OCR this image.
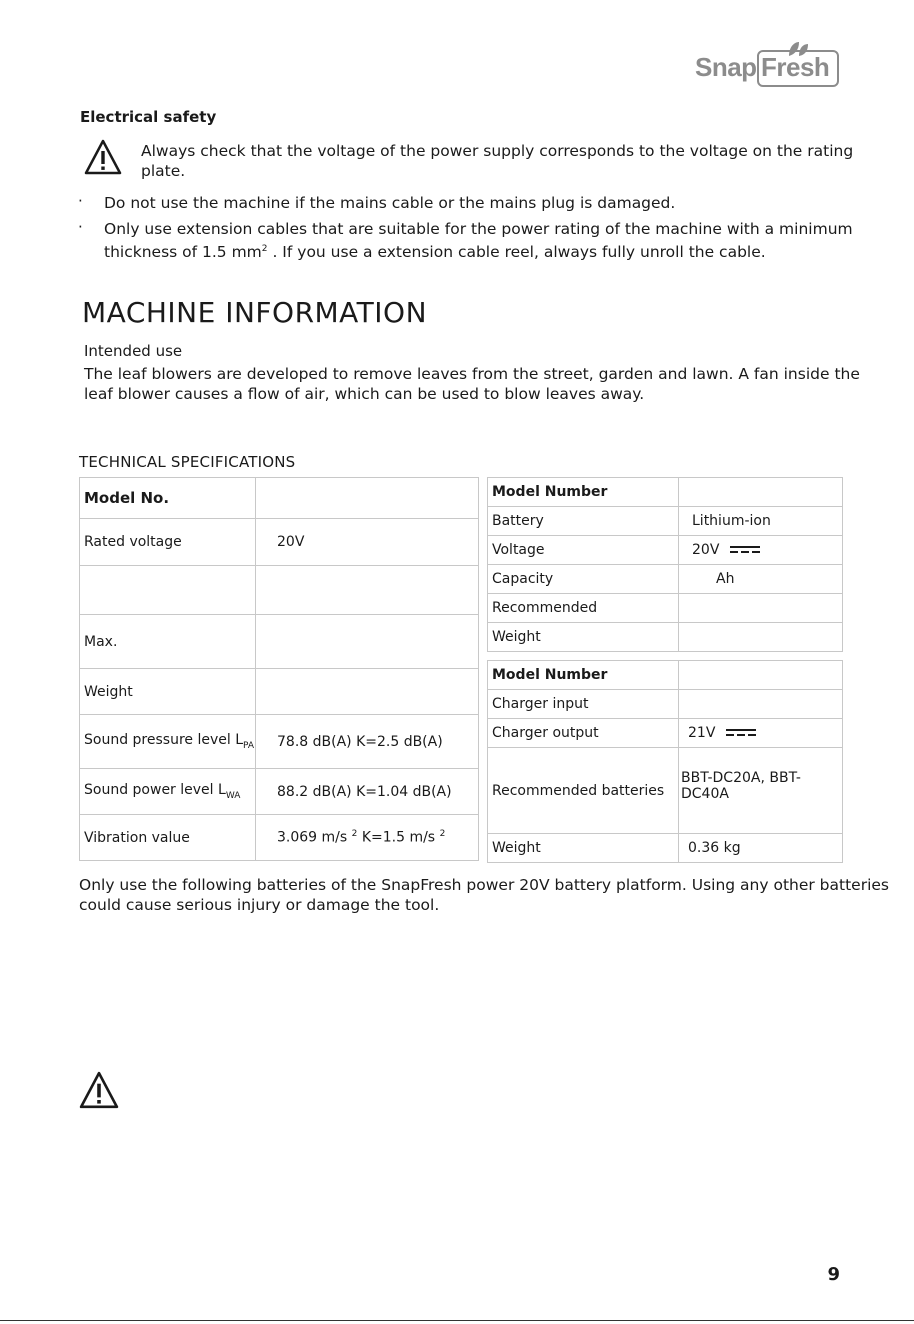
Snap Fresh
Electrical safety
Always check that the voltage of the power supply corresponds to the voltage on the rating
plate.
· Do not use the machine if the mains cable or the mains plug is damaged.
· Only use extension cables that are suitable for the power rating of the machine with a minimum
thickness of 1.5 $mm^2$ . If you use a extension cable reel, always fully unroll the cable.
MACHINE INFORMATION
Intended use
The leaf blowers are developed to remove leaves from the street, garden and lawn. A fan inside the
leaf blower causes a flow of air, which can be used to blow leaves away.
TECHNICAL SPECIFICATIONS
Model No.	
Rated voltage	20V

Max.	
Weight	
Sound pressure level $L_{PA}$	78.8 dB(A) K=2.5 dB(A)
Sound power level $L_{WA}$	88.2 dB(A) K=1.04 dB(A)
Vibration value	3.069 m/s $^2$ K=1.5 m/s $^2$
Model Number	
Battery	Lithium-ion
Voltage	20V
Capacity	Ah
Recommended	
Weight	
Model Number	
Charger input	
Charger output	21V
Recommended batteries	BBT-DC20A, BBT-DC40A
Weight	0.36 kg
Only use the following batteries of the SnapFresh power 20V battery platform. Using any other batteries
could cause serious injury or damage the tool.
9
